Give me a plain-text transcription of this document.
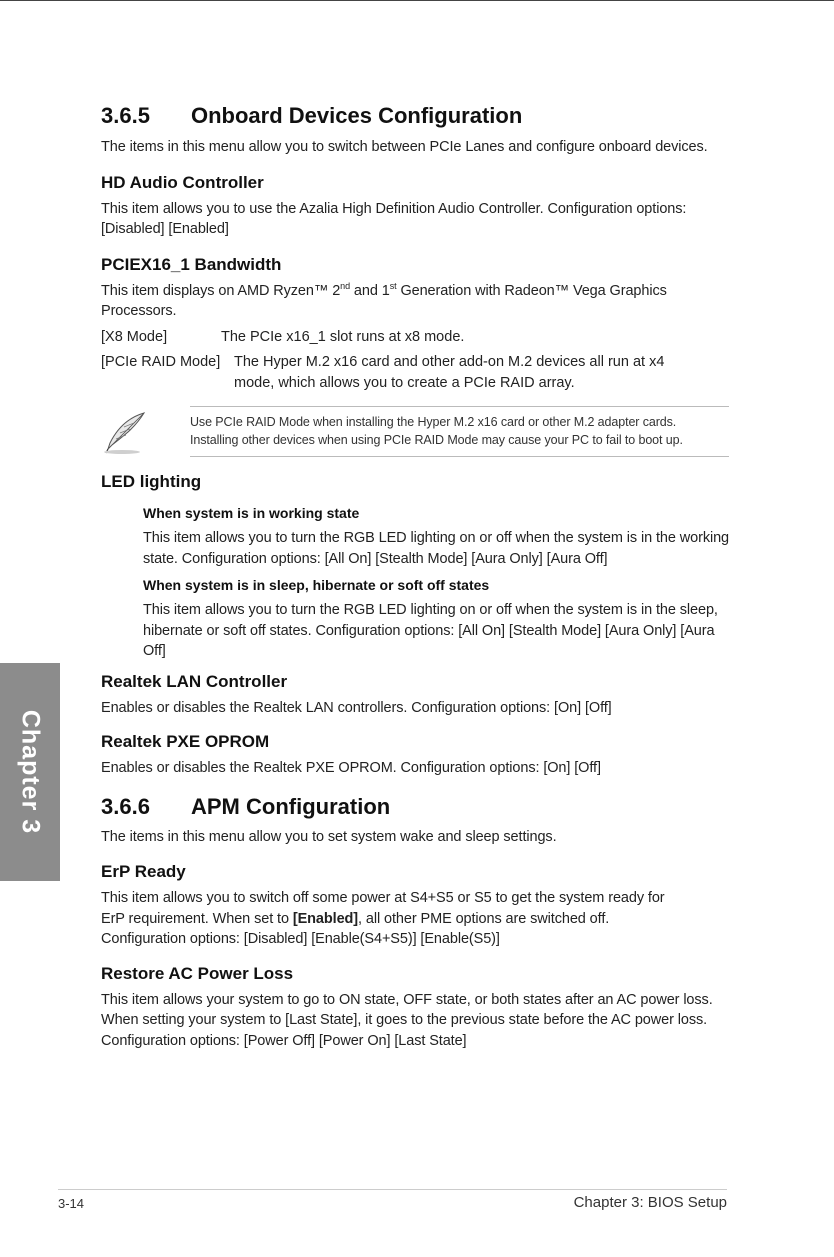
Chapter 3
3.6.5	Onboard Devices Configuration

The items in this menu allow you to switch between PCIe Lanes and configure onboard devices.

HD Audio Controller

This item allows you to use the Azalia High Definition Audio Controller. Configuration options: [Disabled] [Enabled]

PCIEX16_1 Bandwidth

This item displays on AMD Ryzen™ 2nd and 1st Generation with Radeon™ Vega Graphics Processors.

[X8 Mode]	The PCIe x16_1 slot runs at x8 mode.
[PCIe RAID Mode] The Hyper M.2 x16 card and other add-on M.2 devices all run at x4 mode, which allows you to create a PCIe RAID array.

Use PCIe RAID Mode when installing the Hyper M.2 x16 card or other M.2 adapter cards.

Installing other devices when using PCIe RAID Mode may cause your PC to fail to boot up.

LED lighting
When system is in working state

This item allows you to turn the RGB LED lighting on or off when the system is in the working state. Configuration options: [All On] [Stealth Mode] [Aura Only] [Aura Off]

When system is in sleep, hibernate or soft off states

This item allows you to turn the RGB LED lighting on or off when the system is in the sleep, hibernate or soft off states. Configuration options: [All On] [Stealth Mode] [Aura Only] [Aura Off]

Realtek LAN Controller

Enables or disables the Realtek LAN controllers. Configuration options: [On] [Off]

Realtek PXE OPROM

Enables or disables the Realtek PXE OPROM. Configuration options: [On] [Off]

3.6.6	APM Configuration

The items in this menu allow you to set system wake and sleep settings.

ErP Ready

This item allows you to switch off some power at S4+S5 or S5 to get the system ready for ErP requirement. When set to [Enabled], all other PME options are switched off. Configuration options: [Disabled] [Enable(S4+S5)] [Enable(S5)]

Restore AC Power Loss

This item allows your system to go to ON state, OFF state, or both states after an AC power loss. When setting your system to [Last State], it goes to the previous state before the AC power loss. Configuration options: [Power Off] [Power On] [Last State]

3-14	Chapter 3: BIOS Setup
